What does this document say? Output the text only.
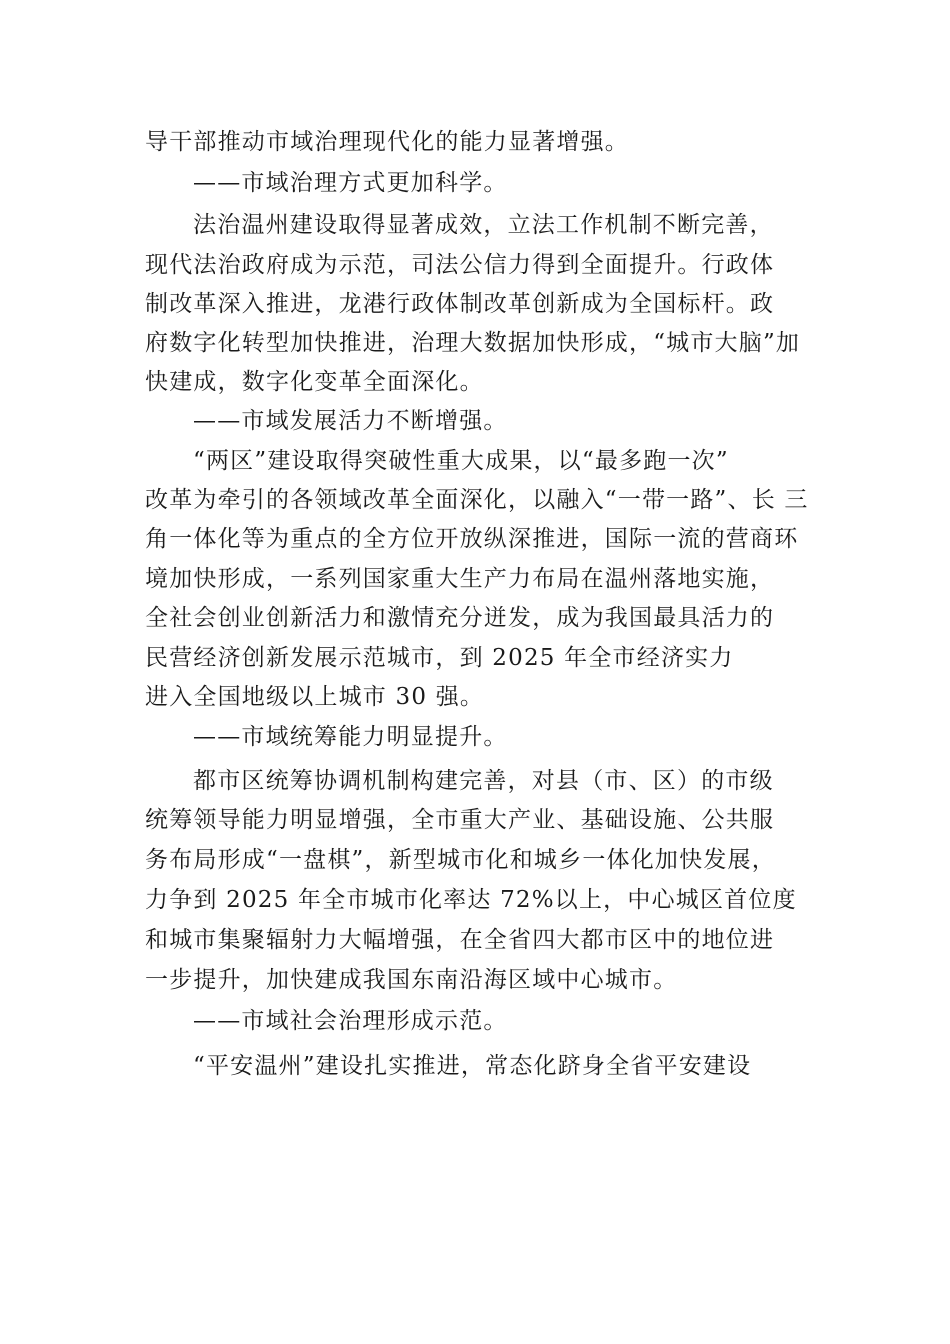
导干部推动市域治理现代化的能力显著增强。
——市域治理方式更加科学。
法治温州建设取得显著成效，立法工作机制不断完善，
现代法治政府成为示范，司法公信力得到全面提升。行政体
制改革深入推进，龙港行政体制改革创新成为全国标杆。政
府数字化转型加快推进，治理大数据加快形成，“城市大脑”加
快建成，数字化变革全面深化。
——市域发展活力不断增强。
“两区”建设取得突破性重大成果，以“最多跑一次”
改革为牵引的各领域改革全面深化，以融入“一带一路”、长 三
角一体化等为重点的全方位开放纵深推进，国际一流的营商环
境加快形成，一系列国家重大生产力布局在温州落地实施，
全社会创业创新活力和激情充分迸发，成为我国最具活力的
民营经济创新发展示范城市，到 2025 年全市经济实力
进入全国地级以上城市 30 强。
——市域统筹能力明显提升。
都市区统筹协调机制构建完善，对县（市、区）的市级
统筹领导能力明显增强，全市重大产业、基础设施、公共服
务布局形成“一盘棋”，新型城市化和城乡一体化加快发展，
力争到 2025 年全市城市化率达 72%以上，中心城区首位度
和城市集聚辐射力大幅增强，在全省四大都市区中的地位进
一步提升，加快建成我国东南沿海区域中心城市。
——市域社会治理形成示范。
“平安温州”建设扎实推进，常态化跻身全省平安建设
